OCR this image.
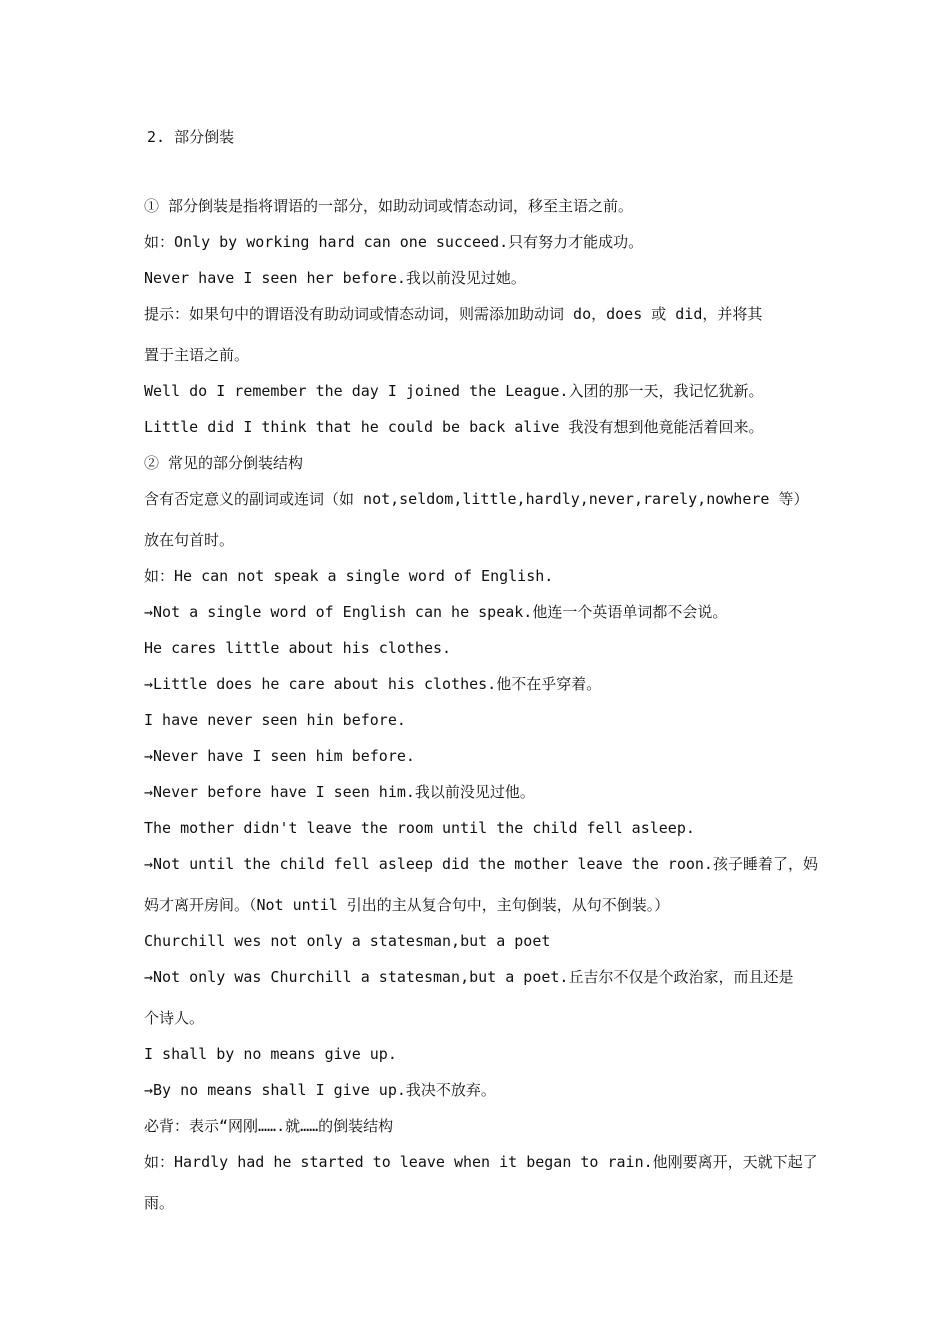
2. 部分倒装
① 部分倒装是指将谓语的一部分，如助动词或情态动词，移至主语之前。
如：Only by working hard can one succeed.只有努力才能成功。
Never have I seen her before.我以前没见过她。
提示：如果句中的谓语没有助动词或情态动词，则需添加助动词 do，does 或 did，并将其
置于主语之前。
Well do I remember the day I joined the League.入团的那一天，我记忆犹新。
Little did I think that he could be back alive 我没有想到他竟能活着回来。
② 常见的部分倒装结构
含有否定意义的副词或连词（如 not,seldom,little,hardly,never,rarely,nowhere 等）
放在句首时。
如：He can not speak a single word of English.
→Not a single word of English can he speak.他连一个英语单词都不会说。
He cares little about his clothes.
→Little does he care about his clothes.他不在乎穿着。
I have never seen hin before.
→Never have I seen him before.
→Never before have I seen him.我以前没见过他。
The mother didn't leave the room until the child fell asleep.
→Not until the child fell asleep did the mother leave the roon.孩子睡着了，妈
妈才离开房间。（Not until 引出的主从复合句中，主句倒装，从句不倒装。）
Churchill wes not only a statesman,but a poet
→Not only was Churchill a statesman,but a poet.丘吉尔不仅是个政治家，而且还是
个诗人。
I shall by no means give up.
→By no means shall I give up.我决不放弃。
必背：表示“网刚…….就……的倒装结构
如：Hardly had he started to leave when it began to rain.他刚要离开，天就下起了
雨。
